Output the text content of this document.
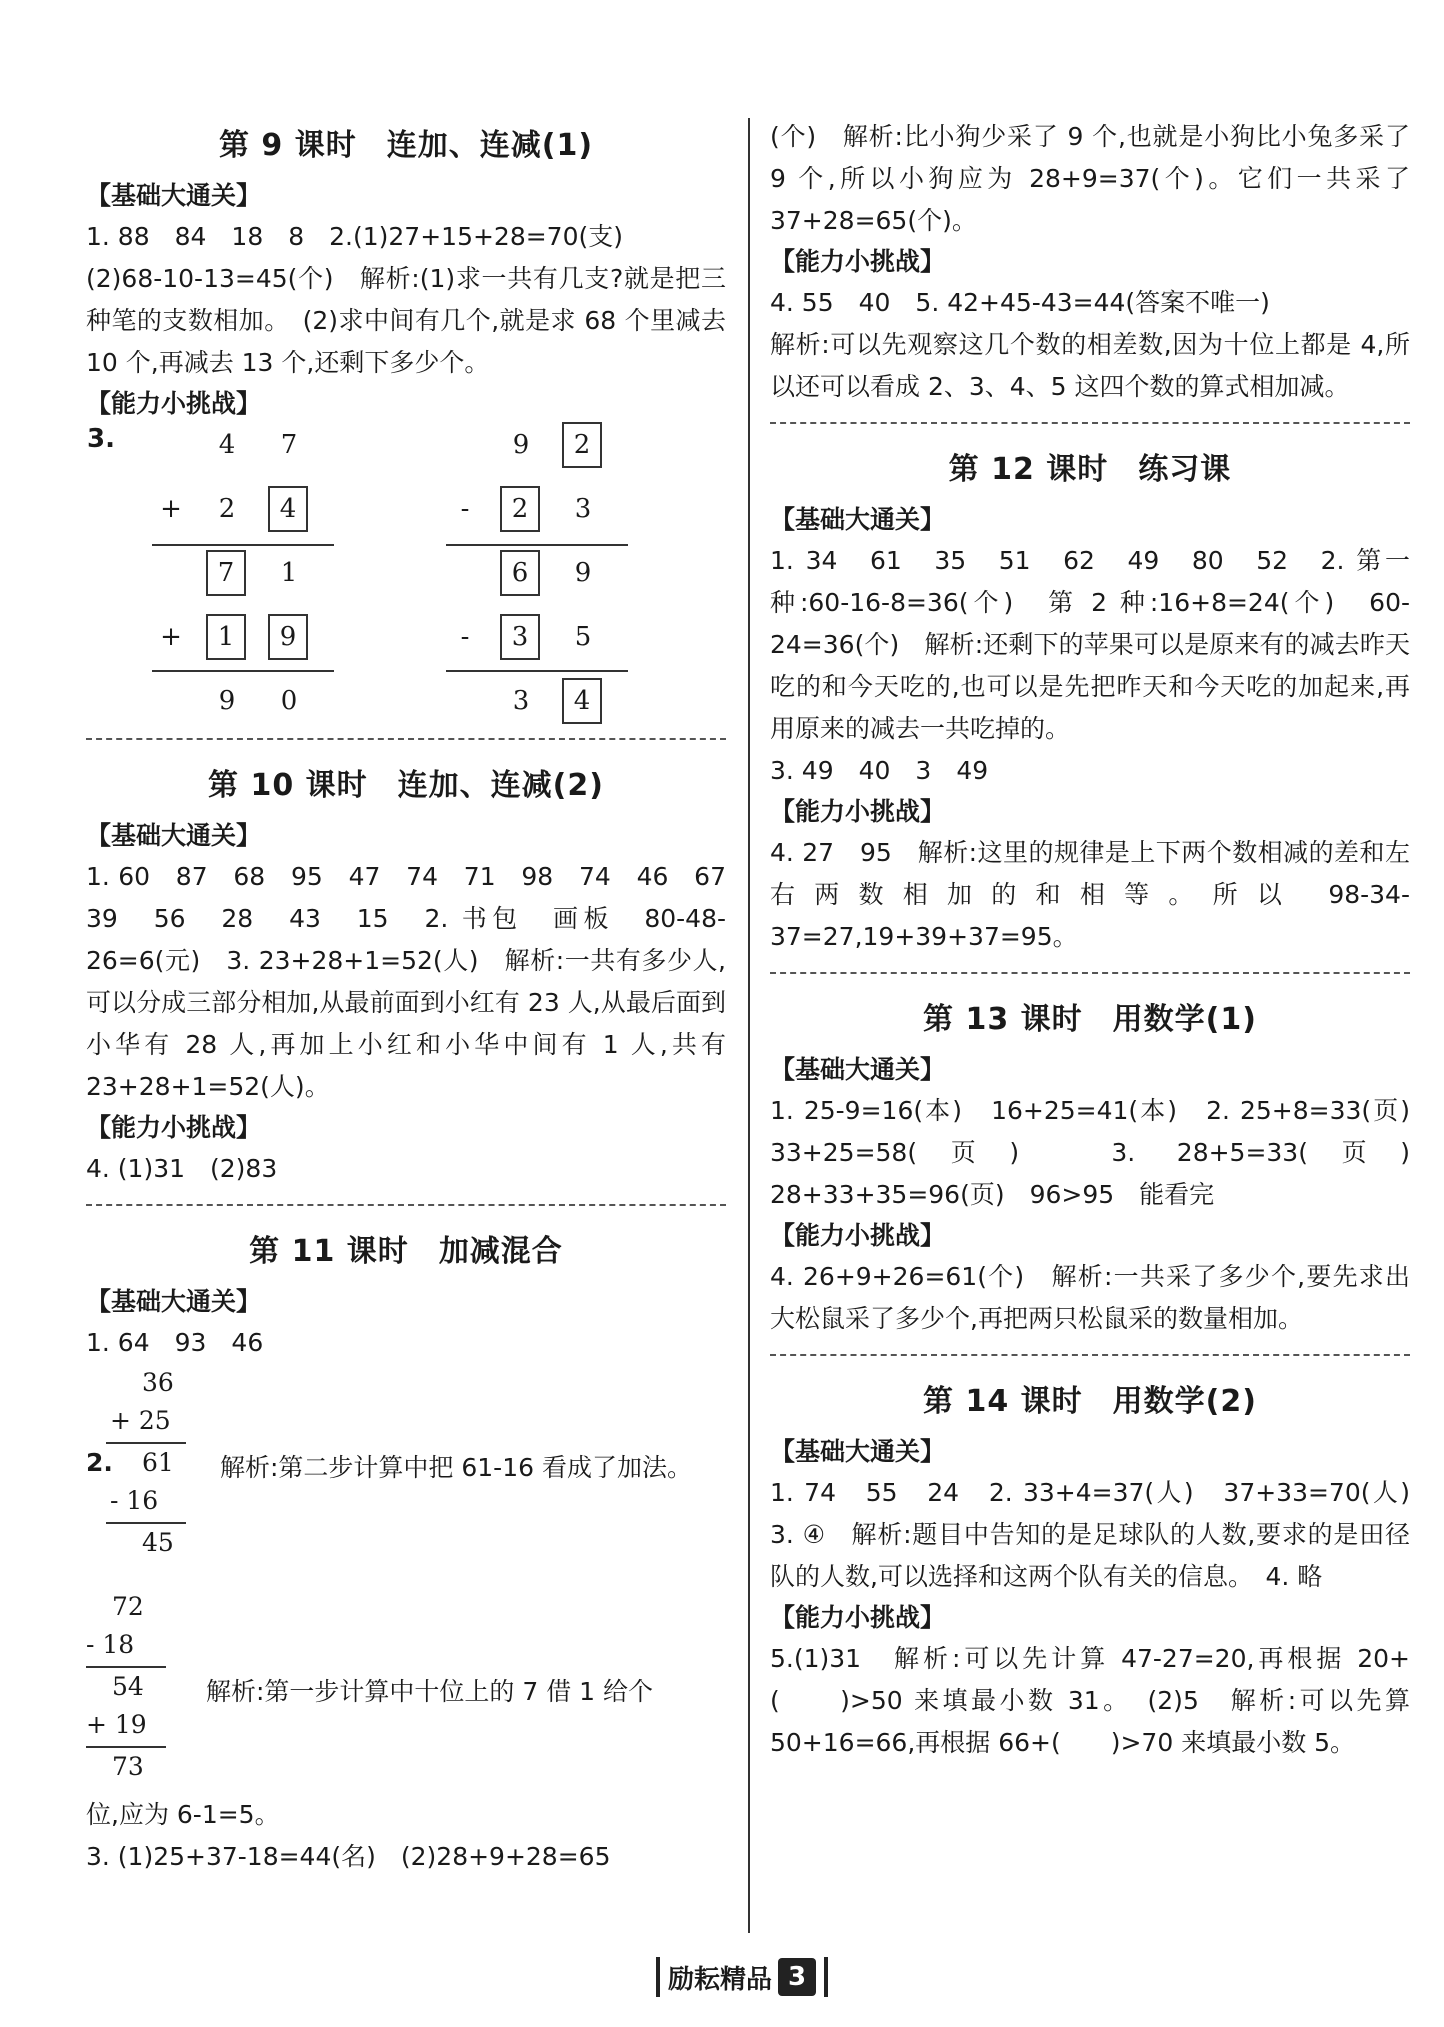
第 9 课时 连加、连减(1)
【基础大通关】
1. 88　84　18　8　2.(1)27+15+28=70(支)
(2)68-10-13=45(个)　解析:(1)求一共有几支?就是把三种笔的支数相加。　(2)求中间有几个,就是求 68 个里减去 10 个,再减去 13 个,还剩下多少个。
【能力小挑战】
3.	4 7
+ 2	4
7	1
+	1	9
9 0
9	2
-	2	3
6	9
-	3	5
3	4
第 10 课时 连加、连减(2)
【基础大通关】
1. 60　87　68　95　47　74　71　98　74　46　67　39　56　28　43　15　2. 书包　画板　80-48-26=6(元)　3. 23+28+1=52(人)　解析:一共有多少人,可以分成三部分相加,从最前面到小红有 23 人,从最后面到小华有 28 人,再加上小红和小华中间有 1 人,共有 23+28+1=52(人)。
【能力小挑战】
4. (1)31　(2)83
第 11 课时 加减混合
【基础大通关】
1. 64　93　46
36
+ 25
2. 61 解析:第二步计算中把 61-16 看成了加法。
- 16
45
72
- 18
54 解析:第一步计算中十位上的 7 借 1 给个
+ 19
73
位,应为 6-1=5。
3. (1)25+37-18=44(名)　(2)28+9+28=65
(个)　解析:比小狗少采了 9 个,也就是小狗比小兔多采了 9 个,所以小狗应为 28+9=37(个)。它们一共采了 37+28=65(个)。
【能力小挑战】
4. 55　40　5. 42+45-43=44(答案不唯一)
解析:可以先观察这几个数的相差数,因为十位上都是 4,所以还可以看成 2、3、4、5 这四个数的算式相加减。
第 12 课时 练习课
【基础大通关】
1. 34　61　35　51　62　49　80　52　2. 第一种:60-16-8=36(个)　第 2 种:16+8=24(个)　60-24=36(个)　解析:还剩下的苹果可以是原来有的减去昨天吃的和今天吃的,也可以是先把昨天和今天吃的加起来,再用原来的减去一共吃掉的。
3. 49　40　3　49
【能力小挑战】
4. 27　95　解析:这里的规律是上下两个数相减的差和左右两数相加的和相等。所以 98-34-37=27,19+39+37=95。
第 13 课时 用数学(1)
【基础大通关】
1. 25-9=16(本)　16+25=41(本)　2. 25+8=33(页)　33+25=58(页)　3. 28+5=33(页)　28+33+35=96(页)　96>95　能看完
【能力小挑战】
4. 26+9+26=61(个)　解析:一共采了多少个,要先求出大松鼠采了多少个,再把两只松鼠采的数量相加。
第 14 课时 用数学(2)
【基础大通关】
1. 74　55　24　2. 33+4=37(人)　37+33=70(人)　3. ④　解析:题目中告知的是足球队的人数,要求的是田径队的人数,可以选择和这两个队有关的信息。　4. 略
【能力小挑战】
5.(1)31　解析:可以先计算 47-27=20,再根据 20+(　　)>50 来填最小数 31。　(2)5　解析:可以先算 50+16=66,再根据 66+(　　)>70 来填最小数 5。
励耘精品 3
